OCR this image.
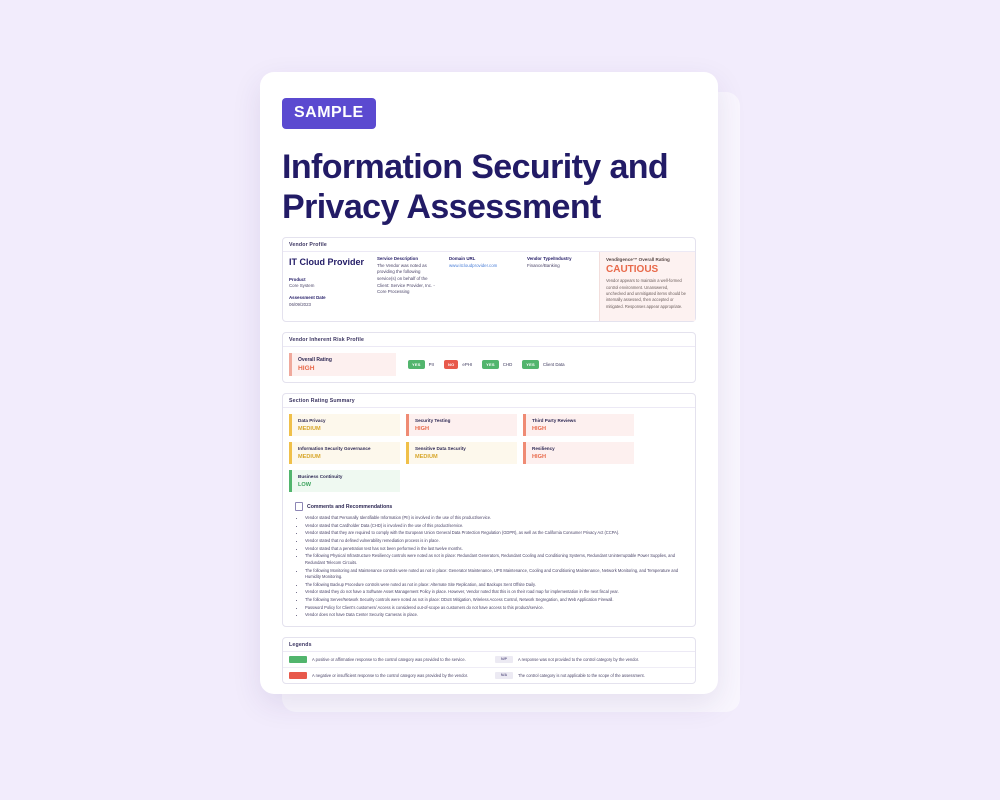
SAMPLE
Information Security and Privacy Assessment
Vendor Profile
IT Cloud Provider
Product
Core System
Assessment Date
06/09/2023
Service Description
The Vendor was noted as providing the following service(s) on behalf of the Client: Service Provider, Inc. - Core Processing
Domain URL
www.itcloudprovider.com
Vendor Type/Industry
Finance/Banking
VendiIgence™ Overall Rating
CAUTIOUS
Vendor appears to maintain a well-formed control environment. Unanswered, unchecked and unmitigated items should be internally assessed, then accepted or mitigated. Responses appear appropriate.
Vendor Inherent Risk Profile
Overall Rating
HIGH
YES	PII	NO	ePHI	YES	CHD	YES	Client Data
Section Rating Summary
Data Privacy
MEDIUM
Security Testing
HIGH
Third Party Reviews
HIGH
Information Security Governance
MEDIUM
Sensitive Data Security
MEDIUM
Resiliency
HIGH
Business Continuity
LOW
Comments and Recommendations
• Vendor stated that Personally Identifiable Information (PII) is involved in the use of this product/service.
• Vendor stated that Cardholder Data (CHD) is involved in the use of this product/service.
• Vendor stated that they are required to comply with the European Union General Data Protection Regulation (GDPR), as well as the California Consumer Privacy Act (CCPA).
• Vendor stated that no defined vulnerability remediation process is in place.
• Vendor stated that a penetration test has not been performed in the last twelve months.
• The following Physical Infrastructure Resiliency controls were noted as not in place: Redundant Generators, Redundant Cooling and Conditioning Systems, Redundant Uninterruptable Power Supplies, and Redundant Telecom Circuits.
• The following Monitoring and Maintenance controls were noted as not in place: Generator Maintenance, UPS Maintenance, Cooling and Conditioning Maintenance, Network Monitoring, and Temperature and Humidity Monitoring.
• The following Backup Procedure controls were noted as not in place: Alternate Site Replication, and Backups Sent Offsite Daily.
• Vendor stated they do not have a Software Asset Management Policy in place. However, Vendor noted that this is on their road map for implementation in the next fiscal year.
• The following Server/Network Security controls were noted as not in place: DDoS Mitigation, Wireless Access Control, Network Segregation, and Web Application Firewall.
• Password Policy for Client's customers/ Access is considered out-of-scope as customers do not have access to this product/service.
• Vendor does not have Data Center Security Cameras in place.
Legends
A positive or affirmative response to the control category was provided to the service.	N/P	A response was not provided to the control category by the vendor.
A negative or insufficient response to the control category was provided by the vendor.	N/A	The control category is not applicable to the scope of the assessment.
